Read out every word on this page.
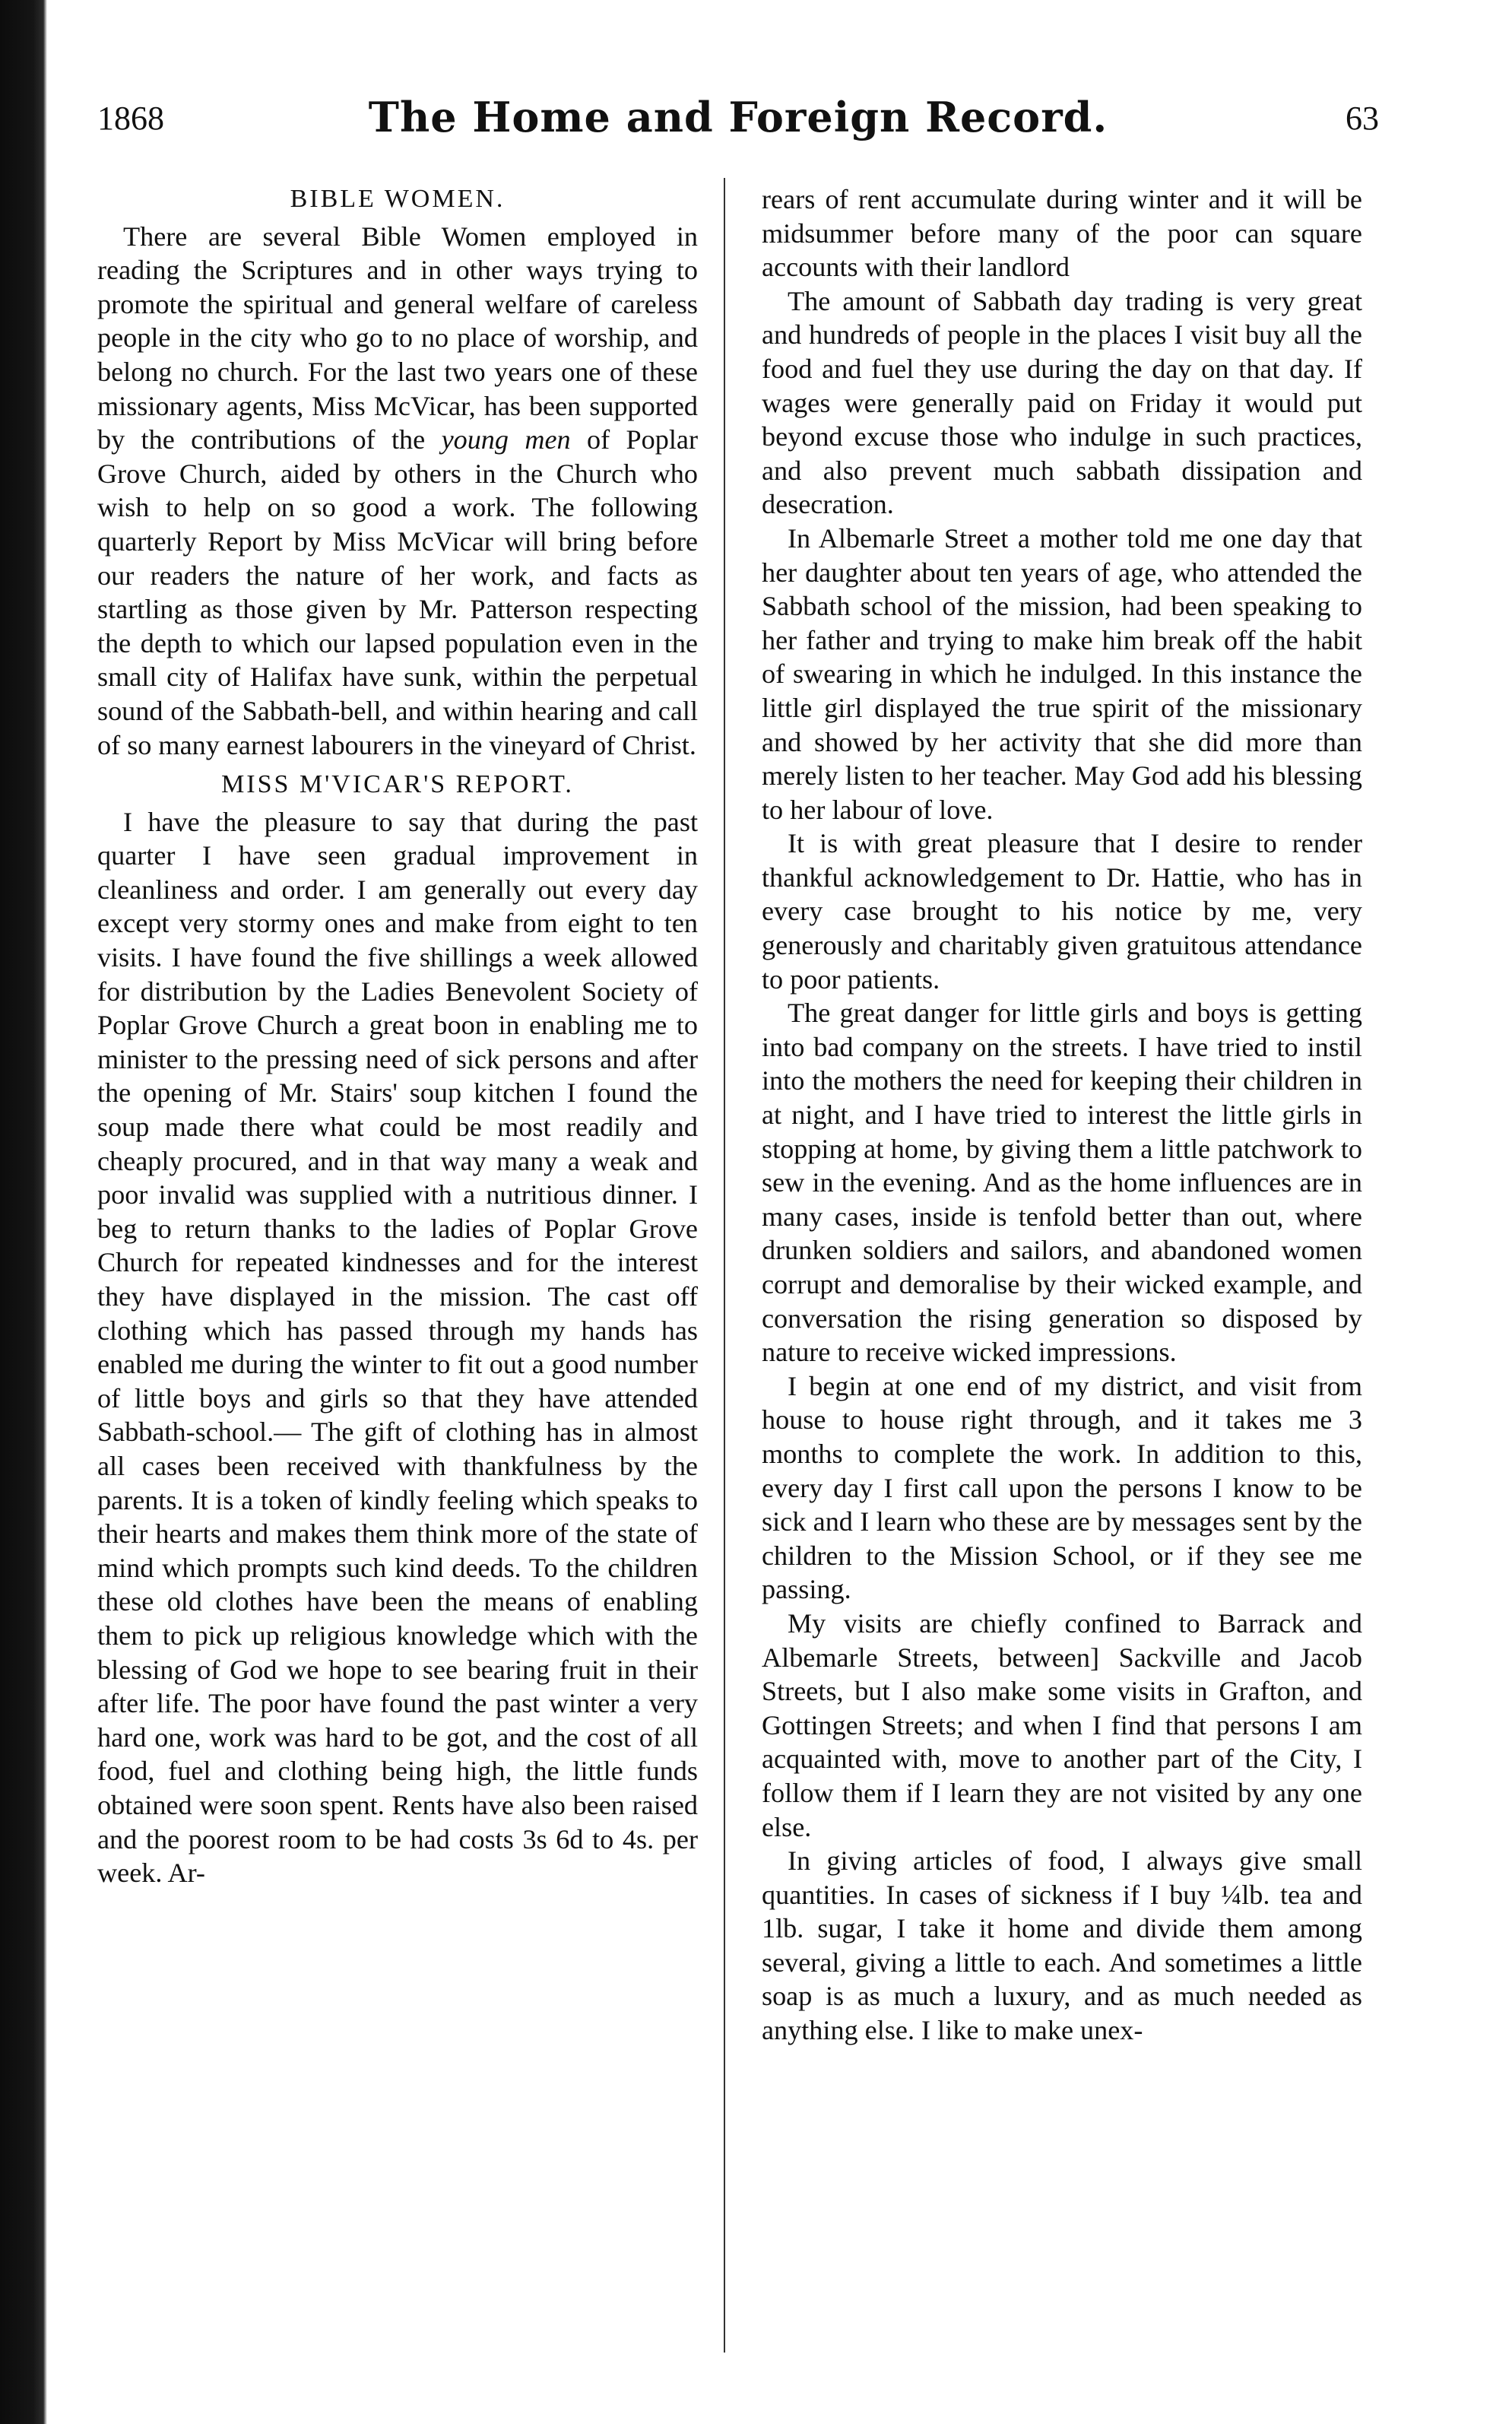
1868	The Home and Foreign Record.	63
BIBLE WOMEN.

There are several Bible Women employed in reading the Scriptures and in other ways trying to promote the spiritual and general welfare of careless people in the city who go to no place of worship, and belong no church. For the last two years one of these missionary agents, Miss McVicar, has been supported by the contributions of the young men of Poplar Grove Church, aided by others in the Church who wish to help on so good a work. The following quarterly Report by Miss McVicar will bring before our readers the nature of her work, and facts as startling as those given by Mr. Patterson respecting the depth to which our lapsed population even in the small city of Halifax have sunk, within the perpetual sound of the Sabbath-bell, and within hearing and call of so many earnest labourers in the vineyard of Christ.

MISS M'VICAR'S REPORT.

I have the pleasure to say that during the past quarter I have seen gradual improvement in cleanliness and order. I am generally out every day except very stormy ones and make from eight to ten visits. I have found the five shillings a week allowed for distribution by the Ladies Benevolent Society of Poplar Grove Church a great boon in enabling me to minister to the pressing need of sick persons and after the opening of Mr. Stairs' soup kitchen I found the soup made there what could be most readily and cheaply procured, and in that way many a weak and poor invalid was supplied with a nutritious dinner. I beg to return thanks to the ladies of Poplar Grove Church for repeated kindnesses and for the interest they have displayed in the mission. The cast off clothing which has passed through my hands has enabled me during the winter to fit out a good number of little boys and girls so that they have attended Sabbath-school.— The gift of clothing has in almost all cases been received with thankfulness by the parents. It is a token of kindly feeling which speaks to their hearts and makes them think more of the state of mind which prompts such kind deeds. To the children these old clothes have been the means of enabling them to pick up religious knowledge which with the blessing of God we hope to see bearing fruit in their after life. The poor have found the past winter a very hard one, work was hard to be got, and the cost of all food, fuel and clothing being high, the little funds obtained were soon spent. Rents have also been raised and the poorest room to be had costs 3s 6d to 4s. per week. Ar-

rears of rent accumulate during winter and it will be midsummer before many of the poor can square accounts with their landlord

The amount of Sabbath day trading is very great and hundreds of people in the places I visit buy all the food and fuel they use during the day on that day. If wages were generally paid on Friday it would put beyond excuse those who indulge in such practices, and also prevent much sabbath dissipation and desecration.

In Albemarle Street a mother told me one day that her daughter about ten years of age, who attended the Sabbath school of the mission, had been speaking to her father and trying to make him break off the habit of swearing in which he indulged. In this instance the little girl displayed the true spirit of the missionary and showed by her activity that she did more than merely listen to her teacher. May God add his blessing to her labour of love.

It is with great pleasure that I desire to render thankful acknowledgement to Dr. Hattie, who has in every case brought to his notice by me, very generously and charitably given gratuitous attendance to poor patients.

The great danger for little girls and boys is getting into bad company on the streets. I have tried to instil into the mothers the need for keeping their children in at night, and I have tried to interest the little girls in stopping at home, by giving them a little patchwork to sew in the evening. And as the home influences are in many cases, inside is tenfold better than out, where drunken soldiers and sailors, and abandoned women corrupt and demoralise by their wicked example, and conversation the rising generation so disposed by nature to receive wicked impressions.

I begin at one end of my district, and visit from house to house right through, and it takes me 3 months to complete the work. In addition to this, every day I first call upon the persons I know to be sick and I learn who these are by messages sent by the children to the Mission School, or if they see me passing.

My visits are chiefly confined to Barrack and Albemarle Streets, between] Sackville and Jacob Streets, but I also make some visits in Grafton, and Gottingen Streets; and when I find that persons I am acquainted with, move to another part of the City, I follow them if I learn they are not visited by any one else.

In giving articles of food, I always give small quantities. In cases of sickness if I buy ¼lb. tea and 1lb. sugar, I take it home and divide them among several, giving a little to each. And sometimes a little soap is as much a luxury, and as much needed as anything else. I like to make unex-
